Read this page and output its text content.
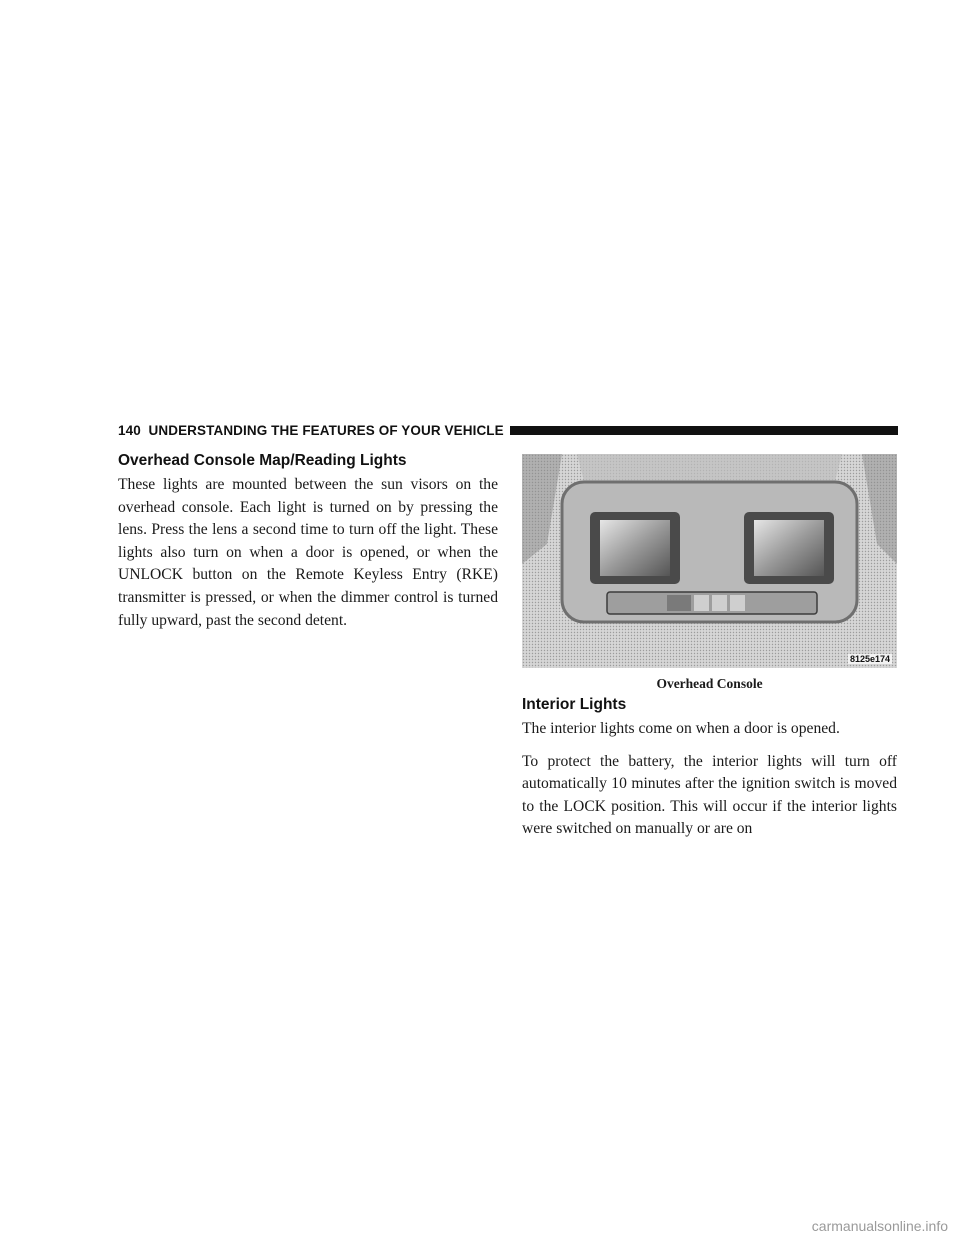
140 UNDERSTANDING THE FEATURES OF YOUR VEHICLE
Overhead Console Map/Reading Lights

These lights are mounted between the sun visors on the overhead console. Each light is turned on by pressing the lens. Press the lens a second time to turn off the light. These lights also turn on when a door is opened, or when the UNLOCK button on the Remote Keyless Entry (RKE) transmitter is pressed, or when the dimmer control is turned fully upward, past the second detent.

8125e174
Overhead Console
Interior Lights

The interior lights come on when a door is opened.

To protect the battery, the interior lights will turn off automatically 10 minutes after the ignition switch is moved to the LOCK position. This will occur if the interior lights were switched on manually or are on

carmanualsonline.info
